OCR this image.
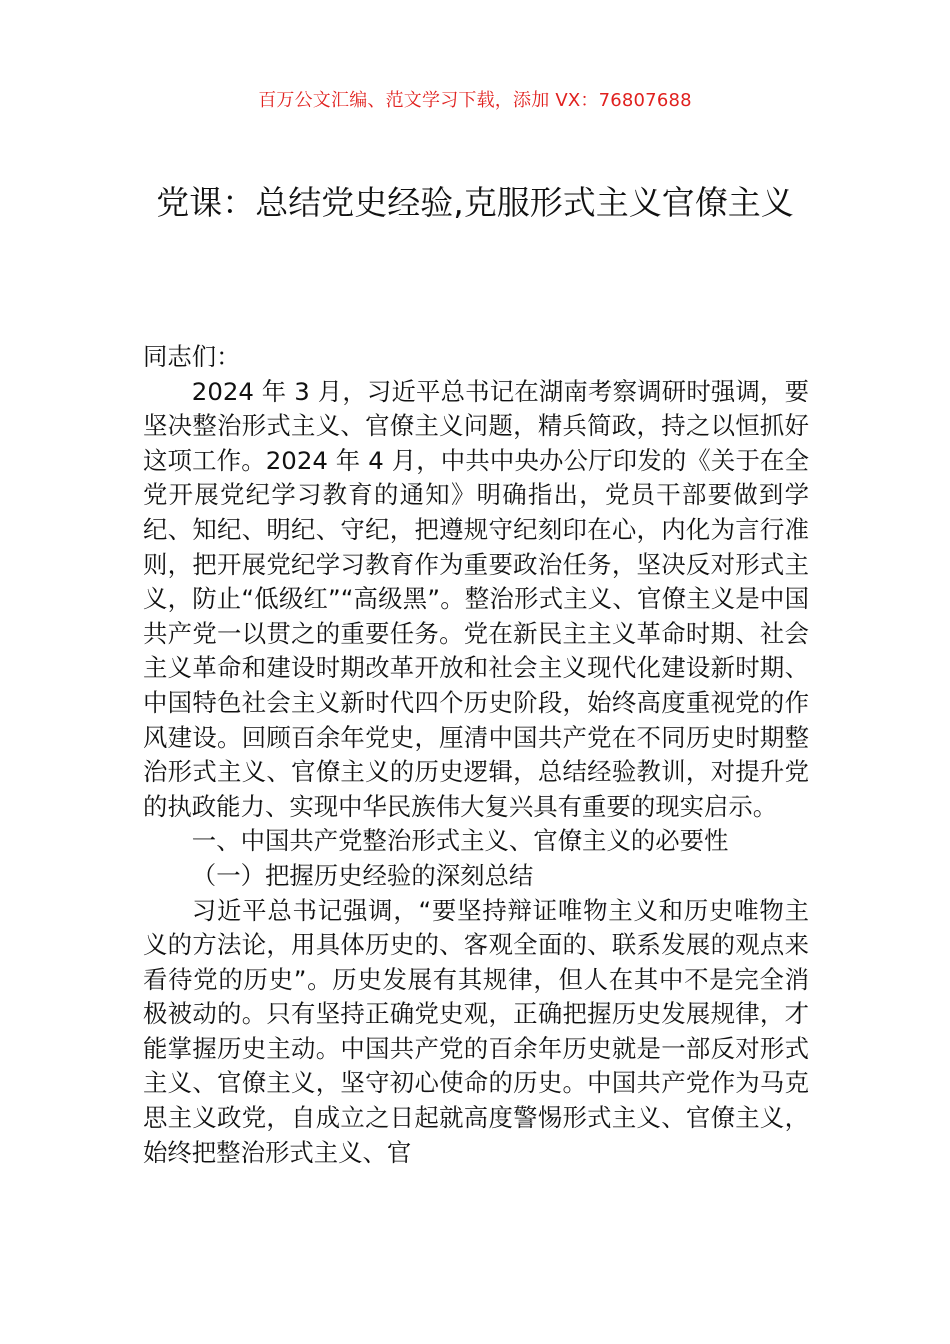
百万公文汇编、范文学习下载，添加 VX：76807688
党课：总结党史经验,克服形式主义官僚主义

同志们：

2024 年 3 月，习近平总书记在湖南考察调研时强调，要坚决整治形式主义、官僚主义问题，精兵简政，持之以恒抓好这项工作。2024 年 4 月，中共中央办公厅印发的《关于在全党开展党纪学习教育的通知》明确指出，党员干部要做到学纪、知纪、明纪、守纪，把遵规守纪刻印在心，内化为言行准则，把开展党纪学习教育作为重要政治任务，坚决反对形式主义，防止“低级红”“高级黑”。整治形式主义、官僚主义是中国共产党一以贯之的重要任务。党在新民主主义革命时期、社会主义革命和建设时期改革开放和社会主义现代化建设新时期、中国特色社会主义新时代四个历史阶段，始终高度重视党的作风建设。回顾百余年党史，厘清中国共产党在不同历史时期整治形式主义、官僚主义的历史逻辑，总结经验教训，对提升党的执政能力、实现中华民族伟大复兴具有重要的现实启示。

一、中国共产党整治形式主义、官僚主义的必要性

（一）把握历史经验的深刻总结

习近平总书记强调，“要坚持辩证唯物主义和历史唯物主义的方法论，用具体历史的、客观全面的、联系发展的观点来看待党的历史”。历史发展有其规律，但人在其中不是完全消极被动的。只有坚持正确党史观，正确把握历史发展规律，才能掌握历史主动。中国共产党的百余年历史就是一部反对形式主义、官僚主义，坚守初心使命的历史。中国共产党作为马克思主义政党，自成立之日起就高度警惕形式主义、官僚主义，始终把整治形式主义、官
